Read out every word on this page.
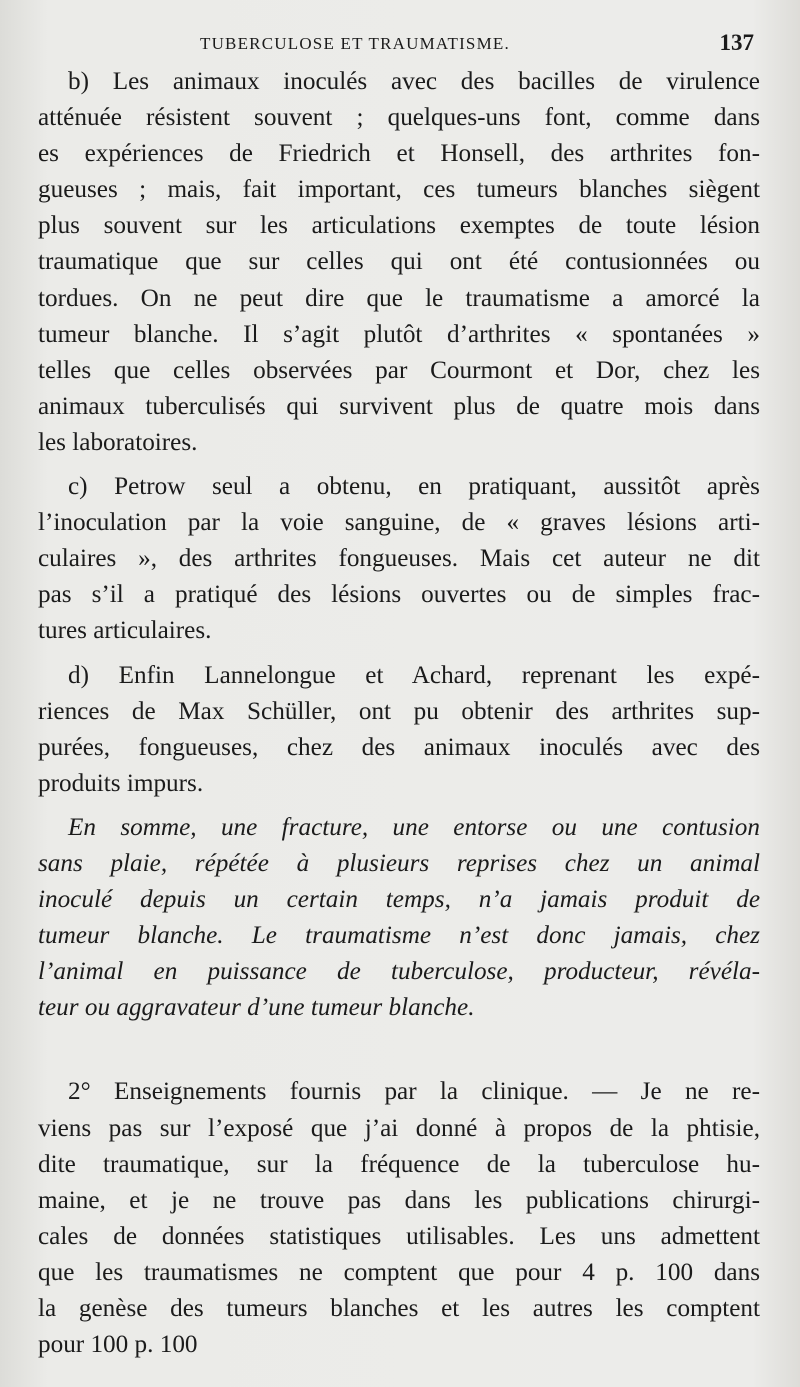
TUBERCULOSE ET TRAUMATISME.	137

b) Les animaux inoculés avec des bacilles de virulence
atténuée résistent souvent ; quelques-uns font, comme dans
es expériences de Friedrich et Honsell, des arthrites fon-
gueuses ; mais, fait important, ces tumeurs blanches siègent
plus souvent sur les articulations exemptes de toute lésion
traumatique que sur celles qui ont été contusionnées ou
tordues. On ne peut dire que le traumatisme a amorcé la
tumeur blanche. Il s’agit plutôt d’arthrites « spontanées »
telles que celles observées par Courmont et Dor, chez les
animaux tuberculisés qui survivent plus de quatre mois dans
les laboratoires.

c) Petrow seul a obtenu, en pratiquant, aussitôt après
l’inoculation par la voie sanguine, de « graves lésions arti-
culaires », des arthrites fongueuses. Mais cet auteur ne dit
pas s’il a pratiqué des lésions ouvertes ou de simples frac-
tures articulaires.

d) Enfin Lannelongue et Achard, reprenant les expé-
riences de Max Schüller, ont pu obtenir des arthrites sup-
purées, fongueuses, chez des animaux inoculés avec des
produits impurs.

En somme, une fracture, une entorse ou une contusion
sans plaie, répétée à plusieurs reprises chez un animal
inoculé depuis un certain temps, n’a jamais produit de
tumeur blanche. Le traumatisme n’est donc jamais, chez
l’animal en puissance de tuberculose, producteur, révéla-
teur ou aggravateur d’une tumeur blanche.

2° Enseignements fournis par la clinique. — Je ne re-
viens pas sur l’exposé que j’ai donné à propos de la phtisie,
dite traumatique, sur la fréquence de la tuberculose hu-
maine, et je ne trouve pas dans les publications chirurgi-
cales de données statistiques utilisables. Les uns admettent
que les traumatismes ne comptent que pour 4 p. 100 dans
la genèse des tumeurs blanches et les autres les comptent
pour 100 p. 100
